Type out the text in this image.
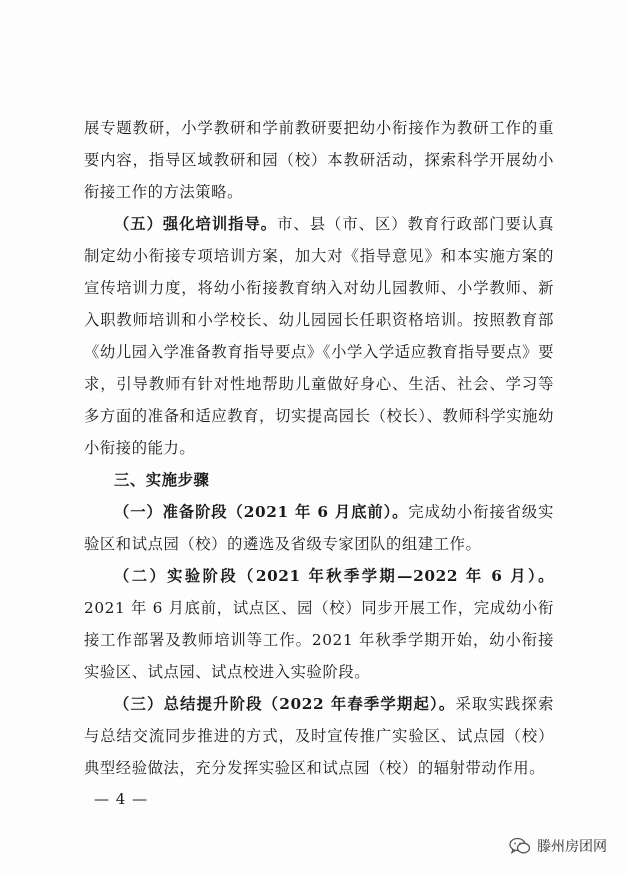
展专题教研，小学教研和学前教研要把幼小衔接作为教研工作的重要内容，指导区域教研和园（校）本教研活动，探索科学开展幼小衔接工作的方法策略。

（五）强化培训指导。市、县（市、区）教育行政部门要认真制定幼小衔接专项培训方案，加大对《指导意见》和本实施方案的宣传培训力度，将幼小衔接教育纳入对幼儿园教师、小学教师、新入职教师培训和小学校长、幼儿园园长任职资格培训。按照教育部《幼儿园入学准备教育指导要点》《小学入学适应教育指导要点》要求，引导教师有针对性地帮助儿童做好身心、生活、社会、学习等多方面的准备和适应教育，切实提高园长（校长）、教师科学实施幼小衔接的能力。

三、实施步骤

（一）准备阶段（2021 年 6 月底前）。完成幼小衔接省级实验区和试点园（校）的遴选及省级专家团队的组建工作。

（二）实验阶段（2021 年秋季学期—2022 年 6 月）。2021 年 6 月底前，试点区、园（校）同步开展工作，完成幼小衔接工作部署及教师培训等工作。2021 年秋季学期开始，幼小衔接实验区、试点园、试点校进入实验阶段。

（三）总结提升阶段（2022 年春季学期起）。采取实践探索与总结交流同步推进的方式，及时宣传推广实验区、试点园（校）典型经验做法，充分发挥实验区和试点园（校）的辐射带动作用。

— 4 —
滕州房团网
